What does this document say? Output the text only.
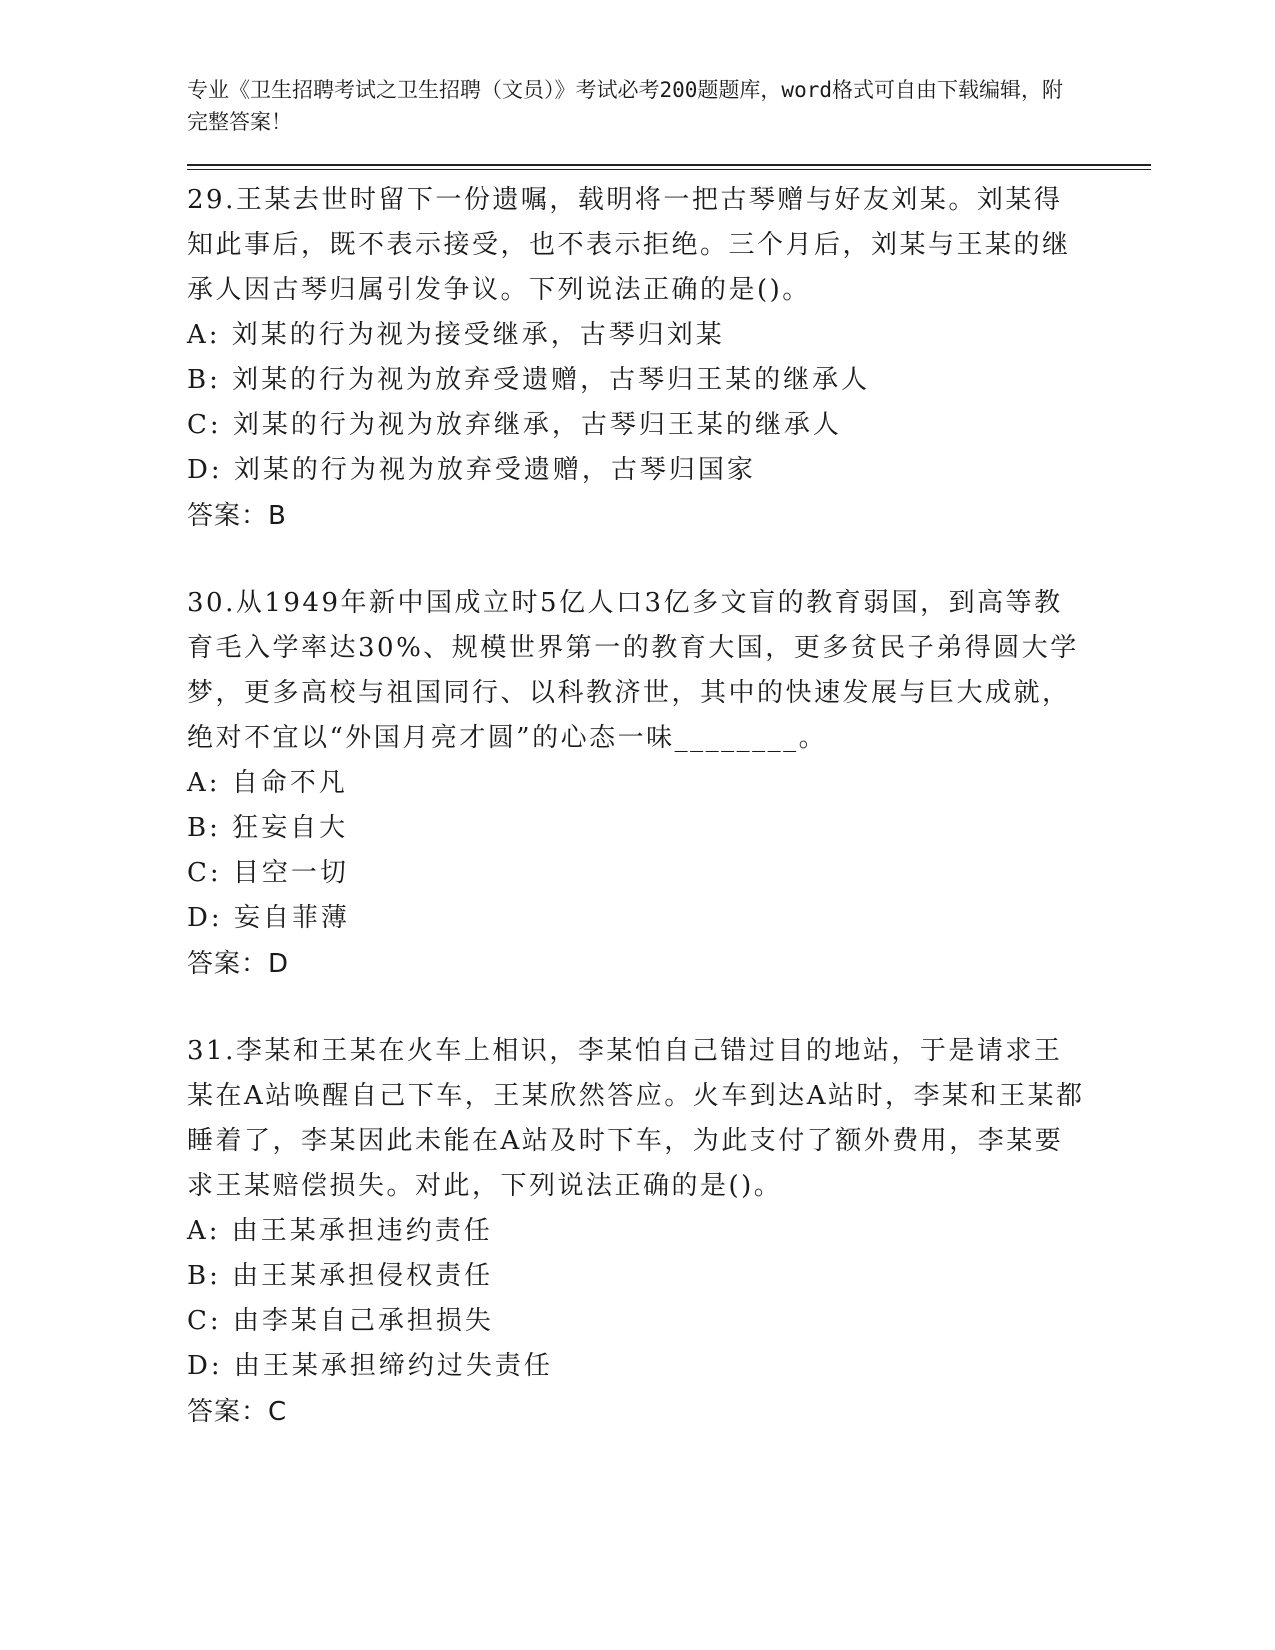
专业《卫生招聘考试之卫生招聘（文员）》考试必考200题题库，word格式可自由下载编辑，附完整答案！

29.王某去世时留下一份遗嘱，载明将一把古琴赠与好友刘某。刘某得知此事后，既不表示接受，也不表示拒绝。三个月后，刘某与王某的继承人因古琴归属引发争议。下列说法正确的是()。

A: 刘某的行为视为接受继承，古琴归刘某

B: 刘某的行为视为放弃受遗赠，古琴归王某的继承人

C: 刘某的行为视为放弃继承，古琴归王某的继承人

D: 刘某的行为视为放弃受遗赠，古琴归国家

答案：B

30.从1949年新中国成立时5亿人口3亿多文盲的教育弱国，到高等教育毛入学率达30%、规模世界第一的教育大国，更多贫民子弟得圆大学梦，更多高校与祖国同行、以科教济世，其中的快速发展与巨大成就，绝对不宜以“外国月亮才圆”的心态一味________。

A: 自命不凡

B: 狂妄自大

C: 目空一切

D: 妄自菲薄

答案：D

31.李某和王某在火车上相识，李某怕自己错过目的地站，于是请求王某在A站唤醒自己下车，王某欣然答应。火车到达A站时，李某和王某都睡着了，李某因此未能在A站及时下车，为此支付了额外费用，李某要求王某赔偿损失。对此，下列说法正确的是()。

A: 由王某承担违约责任

B: 由王某承担侵权责任

C: 由李某自己承担损失

D: 由王某承担缔约过失责任

答案：C
